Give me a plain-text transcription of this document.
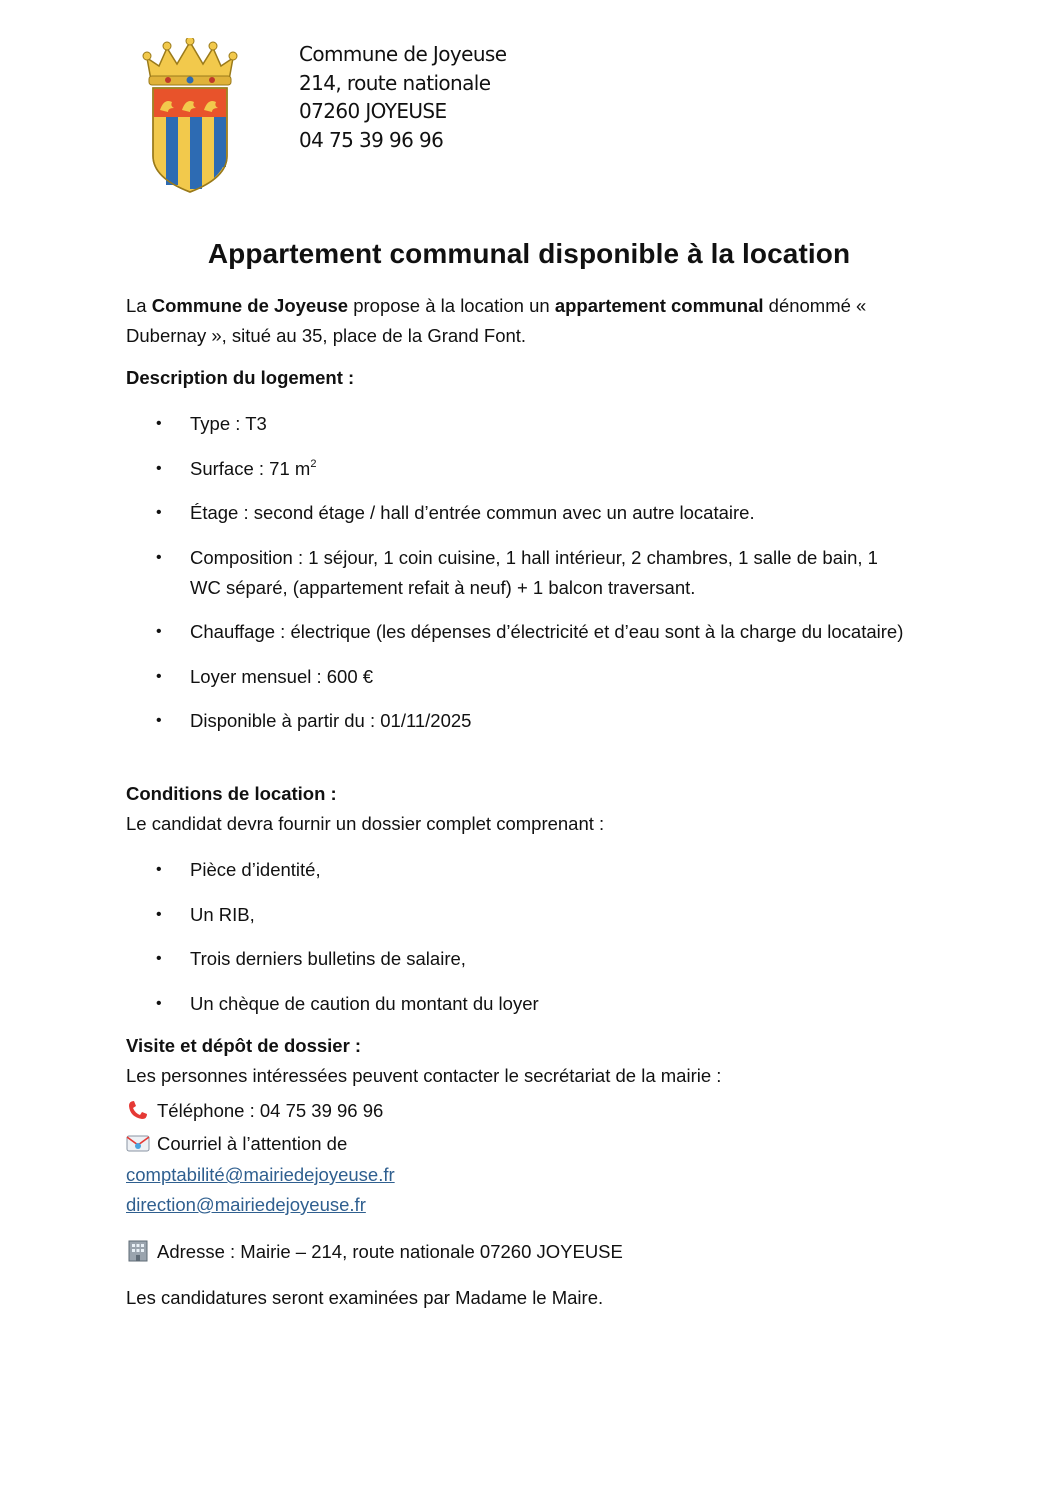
Commune de Joyeuse
214, route nationale
07260 JOYEUSE
04 75 39 96 96
Appartement communal disponible à la location
La Commune de Joyeuse propose à la location un appartement communal dénommé « Dubernay », situé au 35, place de la Grand Font.
Description du logement :
• Type : T3
• Surface : 71 $m^2$
• Étage : second étage / hall d’entrée commun avec un autre locataire.
• Composition : 1 séjour, 1 coin cuisine, 1 hall intérieur, 2 chambres, 1 salle de bain, 1 WC séparé, (appartement refait à neuf) + 1 balcon traversant.
• Chauffage : électrique (les dépenses d’électricité et d’eau sont à la charge du locataire)
• Loyer mensuel : 600 €
• Disponible à partir du : 01/11/2025
Conditions de location :
Le candidat devra fournir un dossier complet comprenant :
• Pièce d’identité,
• Un RIB,
• Trois derniers bulletins de salaire,
• Un chèque de caution du montant du loyer
Visite et dépôt de dossier :
Les personnes intéressées peuvent contacter le secrétariat de la mairie :
Téléphone : 04 75 39 96 96
Courriel à l’attention de
comptabilité@mairiedejoyeuse.fr
direction@mairiedejoyeuse.fr
Adresse : Mairie – 214, route nationale 07260 JOYEUSE
Les candidatures seront examinées par Madame le Maire.
